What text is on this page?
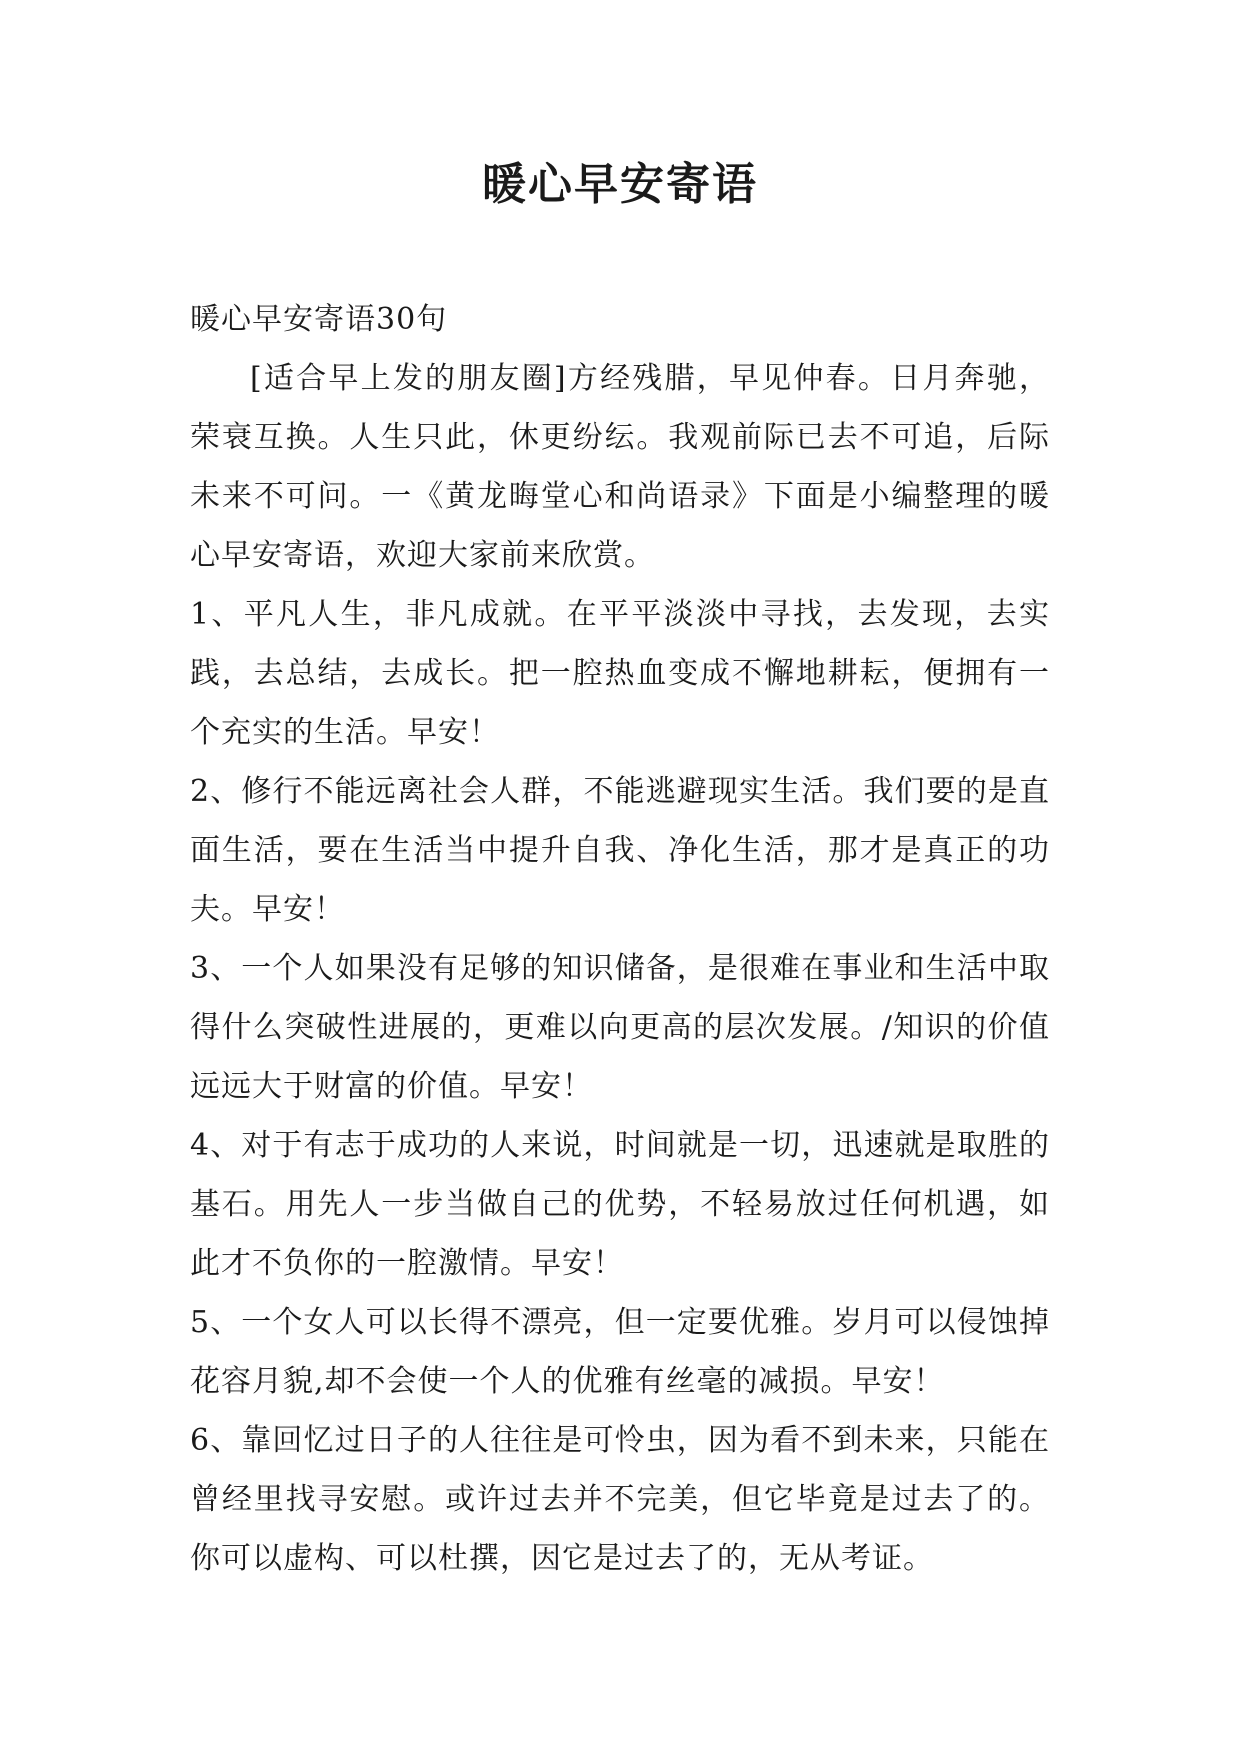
暖心早安寄语

暖心早安寄语30句

[适合早上发的朋友圈]方经残腊，早见仲春。日月奔驰，荣衰互换。人生只此，休更纷纭。我观前际已去不可追，后际未来不可问。一《黄龙晦堂心和尚语录》下面是小编整理的暖心早安寄语，欢迎大家前来欣赏。

1、平凡人生，非凡成就。在平平淡淡中寻找，去发现，去实践，去总结，去成长。把一腔热血变成不懈地耕耘，便拥有一个充实的生活。早安！

2、修行不能远离社会人群，不能逃避现实生活。我们要的是直面生活，要在生活当中提升自我、净化生活，那才是真正的功夫。早安！

3、一个人如果没有足够的知识储备，是很难在事业和生活中取得什么突破性进展的，更难以向更高的层次发展。/知识的价值远远大于财富的价值。早安！

4、对于有志于成功的人来说，时间就是一切，迅速就是取胜的基石。用先人一步当做自己的优势，不轻易放过任何机遇，如此才不负你的一腔激情。早安！

5、一个女人可以长得不漂亮，但一定要优雅。岁月可以侵蚀掉花容月貌,却不会使一个人的优雅有丝毫的减损。早安！

6、靠回忆过日子的人往往是可怜虫，因为看不到未来，只能在曾经里找寻安慰。或许过去并不完美，但它毕竟是过去了的。你可以虚构、可以杜撰，因它是过去了的，无从考证。
